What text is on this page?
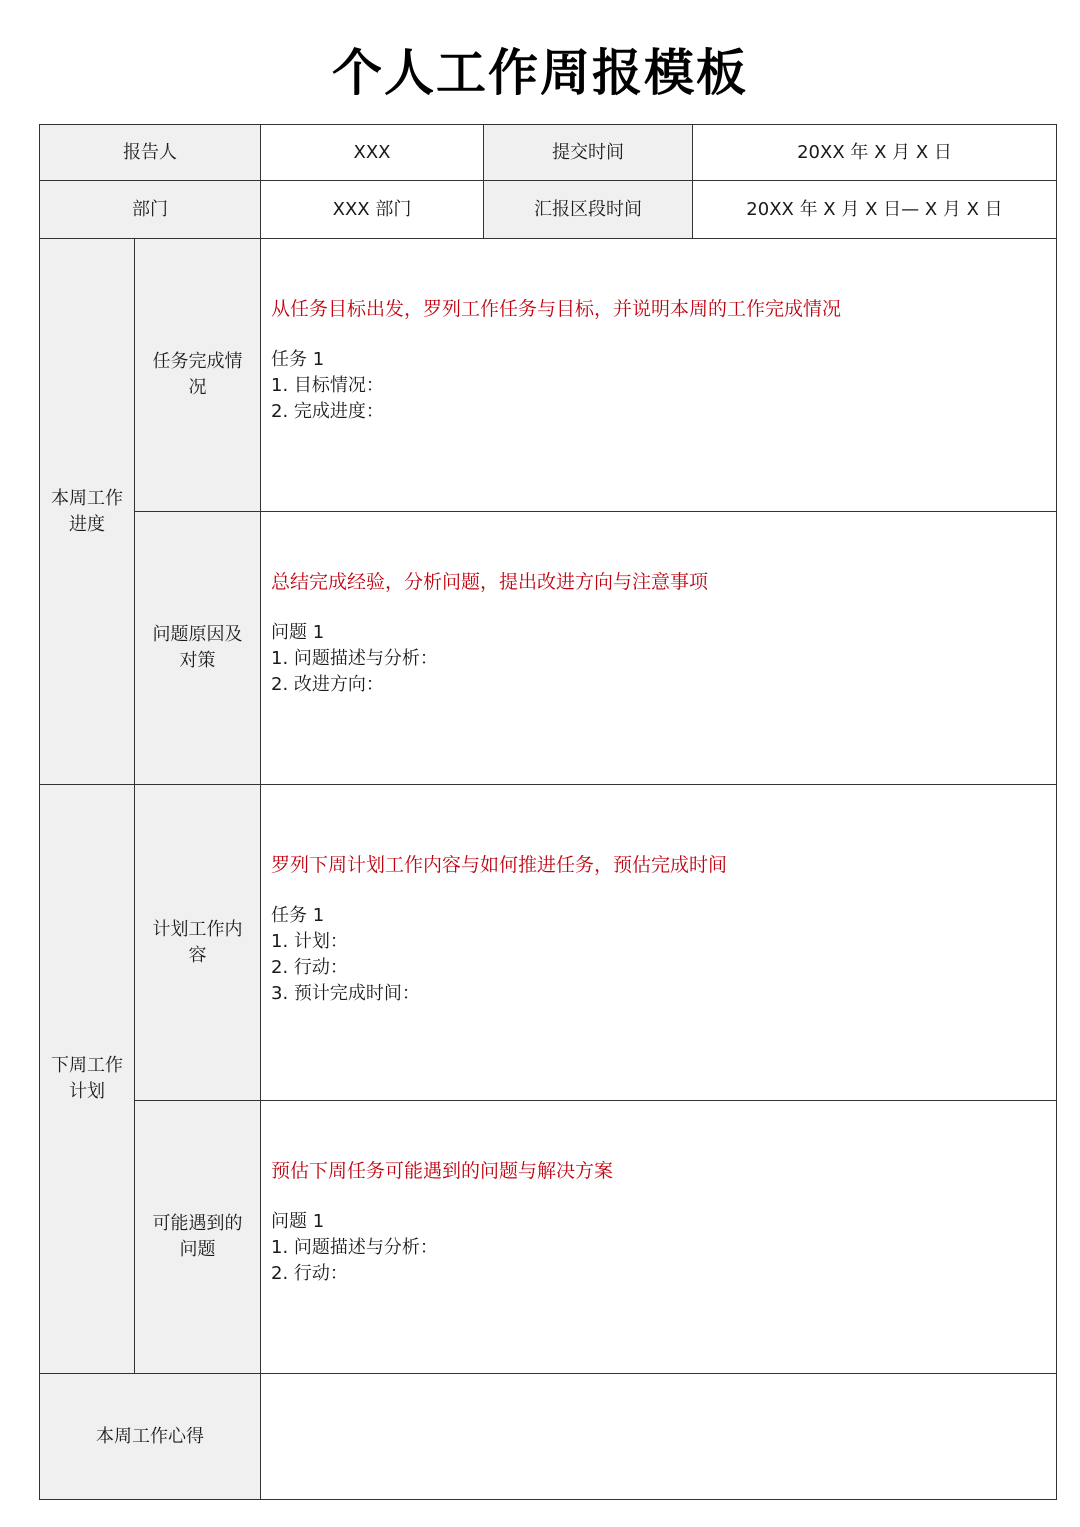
个人工作周报模板
报告人		XXX	提交时间	20XX 年 X 月 X 日
部门		XXX 部门	汇报区段时间	20XX 年 X 月 X 日— X 月 X 日
本周工作进度	任务完成情况	从任务目标出发，罗列工作任务与目标，并说明本周的工作完成情况
任务 1
1. 目标情况：
2. 完成进度：		

	问题原因及对策	总结完成经验，分析问题，提出改进方向与注意事项
问题 1
1. 问题描述与分析：
2. 改进方向：		

下周工作计划	计划工作内容	罗列下周计划工作内容与如何推进任务，预估完成时间
任务 1
1. 计划：
2. 行动：
3. 预计完成时间：		

	可能遇到的问题	预估下周任务可能遇到的问题与解决方案
问题 1
1. 问题描述与分析：
2. 行动：		

本周工作心得				
